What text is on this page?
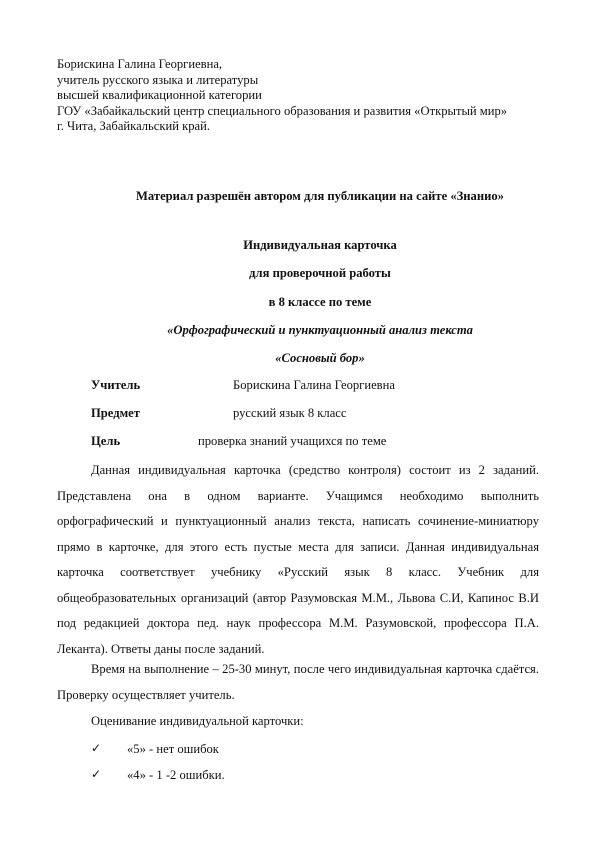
Борискина Галина Георгиевна,
учитель русского языка и литературы
высшей квалификационной категории
ГОУ «Забайкальский центр специального образования и развития «Открытый мир»
г. Чита, Забайкальский край.
Материал разрешён автором для публикации на сайте «Знанио»
Индивидуальная карточка
для проверочной работы
в 8 классе по теме
«Орфографический и пунктуационный анализ текста
«Сосновый бор»
Учитель	Борискина Галина Георгиевна
Предмет	русский язык 8 класс
Цель	проверка знаний учащихся по теме
Данная индивидуальная карточка (средство контроля) состоит из 2 заданий. Представлена она в одном варианте. Учащимся необходимо выполнить орфографический и пунктуационный анализ текста, написать сочинение-миниатюру прямо в карточке, для этого есть пустые места для записи. Данная индивидуальная карточка соответствует учебнику «Русский язык 8 класс. Учебник для общеобразовательных организаций (автор Разумовская М.М., Львова С.И, Капинос В.И под редакцией доктора пед. наук профессора М.М. Разумовской, профессора П.А. Леканта). Ответы даны после заданий.
Время на выполнение – 25-30 минут, после чего индивидуальная карточка сдаётся. Проверку осуществляет учитель.
Оценивание индивидуальной карточки:
✓ «5» - нет ошибок
✓ «4» - 1 -2 ошибки.
